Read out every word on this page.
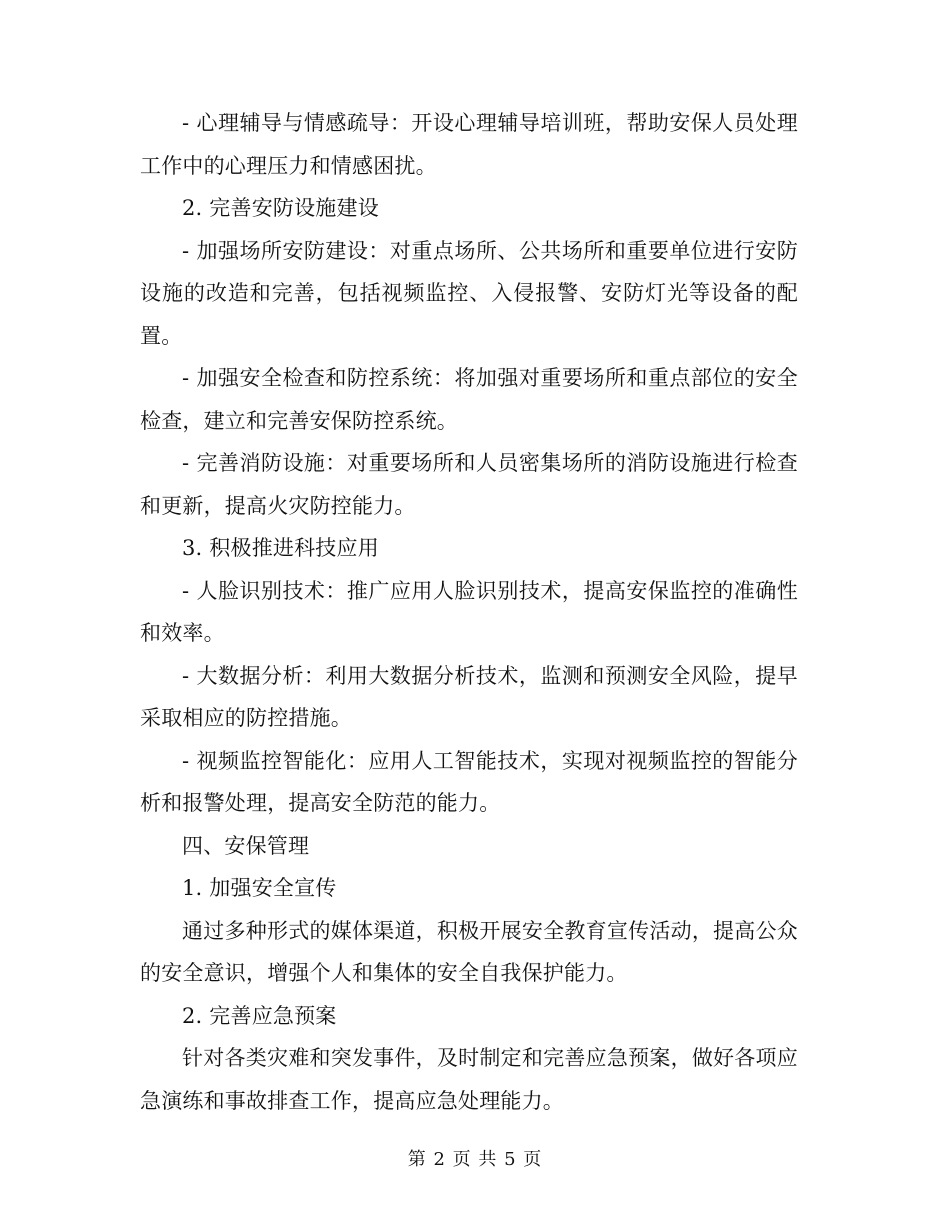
- 心理辅导与情感疏导：开设心理辅导培训班，帮助安保人员处理工作中的心理压力和情感困扰。

2. 完善安防设施建设

- 加强场所安防建设：对重点场所、公共场所和重要单位进行安防设施的改造和完善，包括视频监控、入侵报警、安防灯光等设备的配置。

- 加强安全检查和防控系统：将加强对重要场所和重点部位的安全检查，建立和完善安保防控系统。

- 完善消防设施：对重要场所和人员密集场所的消防设施进行检查和更新，提高火灾防控能力。

3. 积极推进科技应用

- 人脸识别技术：推广应用人脸识别技术，提高安保监控的准确性和效率。

- 大数据分析：利用大数据分析技术，监测和预测安全风险，提早采取相应的防控措施。

- 视频监控智能化：应用人工智能技术，实现对视频监控的智能分析和报警处理，提高安全防范的能力。

四、安保管理

1. 加强安全宣传

通过多种形式的媒体渠道，积极开展安全教育宣传活动，提高公众的安全意识，增强个人和集体的安全自我保护能力。

2. 完善应急预案

针对各类灾难和突发事件，及时制定和完善应急预案，做好各项应急演练和事故排查工作，提高应急处理能力。

第 2 页 共 5 页
